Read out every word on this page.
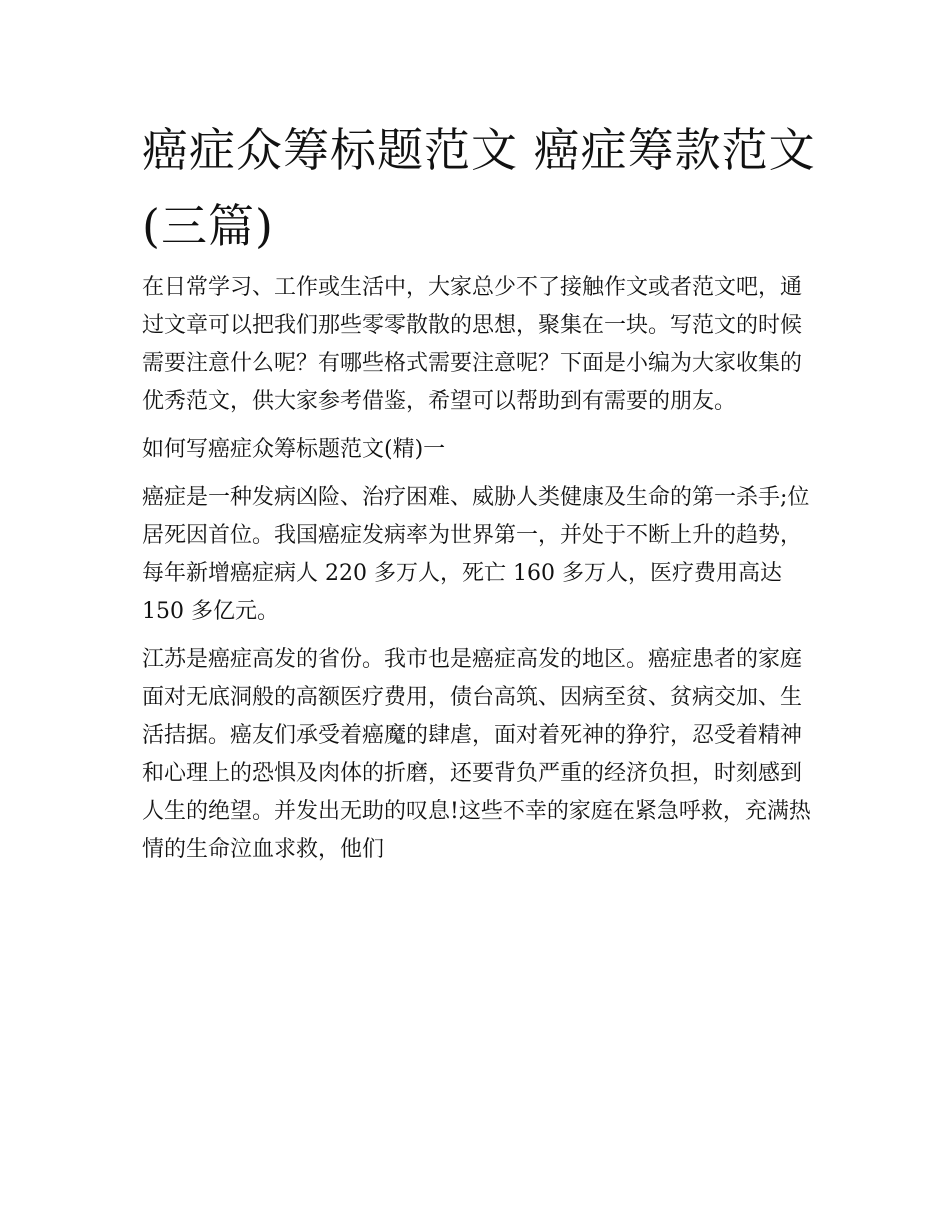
癌症众筹标题范文 癌症筹款范文(三篇)

在日常学习、工作或生活中，大家总少不了接触作文或者范文吧，通过文章可以把我们那些零零散散的思想，聚集在一块。写范文的时候需要注意什么呢？有哪些格式需要注意呢？下面是小编为大家收集的优秀范文，供大家参考借鉴，希望可以帮助到有需要的朋友。

如何写癌症众筹标题范文(精)一

癌症是一种发病凶险、治疗困难、威胁人类健康及生命的第一杀手;位居死因首位。我国癌症发病率为世界第一，并处于不断上升的趋势，每年新增癌症病人 220 多万人，死亡 160 多万人，医疗费用高达 150 多亿元。

江苏是癌症高发的省份。我市也是癌症高发的地区。癌症患者的家庭面对无底洞般的高额医疗费用，债台高筑、因病至贫、贫病交加、生活拮据。癌友们承受着癌魔的肆虐，面对着死神的狰狞，忍受着精神和心理上的恐惧及肉体的折磨，还要背负严重的经济负担，时刻感到人生的绝望。并发出无助的叹息!这些不幸的家庭在紧急呼救，充满热情的生命泣血求救，他们
